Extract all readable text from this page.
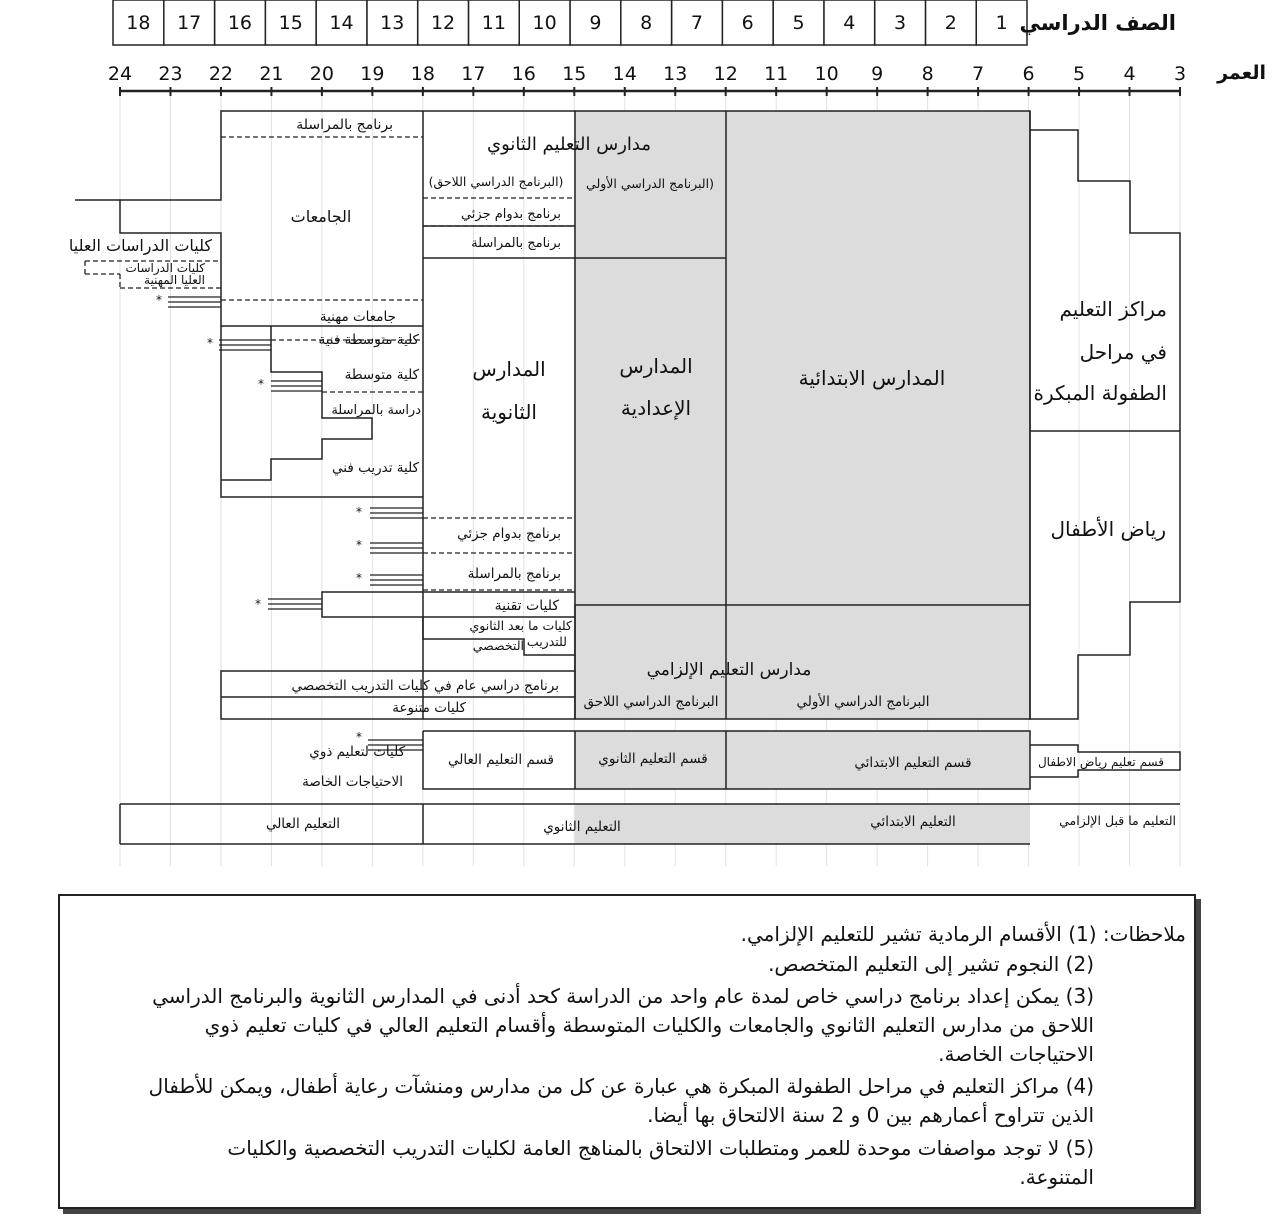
1
2
3
4
5
6
7
8
9
10
11
12
13
14
15
16
17
18
3
4
5
6
7
8
9
10
11
12
13
14
15
16
17
18
19
20
21
22
23
24
الصف الدراسي
العمر
*
*
*
*
*
*
*
*
مدارس التعليم الثانوي
(البرنامج الدراسي الأولي
(البرنامج الدراسي اللاحق)
برنامج بدوام جزئي
برنامج بالمراسلة
برنامج بالمراسلة
الجامعات
كليات الدراسات العليا
كليات الدراسات
العليا المهنية
جامعات مهنية
كلية متوسطة فنية
كلية متوسطة
دراسة بالمراسلة
كلية تدريب فني
المدارس
الثانوية
المدارس
الإعدادية
المدارس الابتدائية
مراكز التعليم
في مراحل
الطفولة المبكرة
رياض الأطفال
برنامج بدوام جزئي
برنامج بالمراسلة
كليات تقنية
كليات ما بعد الثانوي
للتدريب
التخصصي
مدارس التعليم الإلزامي
البرنامج الدراسي اللاحق	البرنامج الدراسي الأولي
برنامج دراسي عام في كليات التدريب التخصصي
كليات متنوعة
كليات لتعليم ذوي
الاحتياجات الخاصة
قسم التعليم العالي	قسم التعليم الثانوي	قسم التعليم الابتدائي	قسم تعليم رياض الاطفال
التعليم العالي	التعليم الثانوي	التعليم الابتدائي	التعليم ما قبل الإلزامي
ملاحظات: (1) الأقسام الرمادية تشير للتعليم الإلزامي.
(2) النجوم تشير إلى التعليم المتخصص.
(3) يمكن إعداد برنامج دراسي خاص لمدة عام واحد من الدراسة كحد أدنى في المدارس الثانوية والبرنامج الدراسي
اللاحق من مدارس التعليم الثانوي والجامعات والكليات المتوسطة وأقسام التعليم العالي في كليات تعليم ذوي
الاحتياجات الخاصة.
(4) مراكز التعليم في مراحل الطفولة المبكرة هي عبارة عن كل من مدارس ومنشآت رعاية أطفال، ويمكن للأطفال
الذين تتراوح أعمارهم بين 0 و 2 سنة الالتحاق بها أيضا.
(5) لا توجد مواصفات موحدة للعمر ومتطلبات الالتحاق بالمناهج العامة لكليات التدريب التخصصية والكليات
المتنوعة.
